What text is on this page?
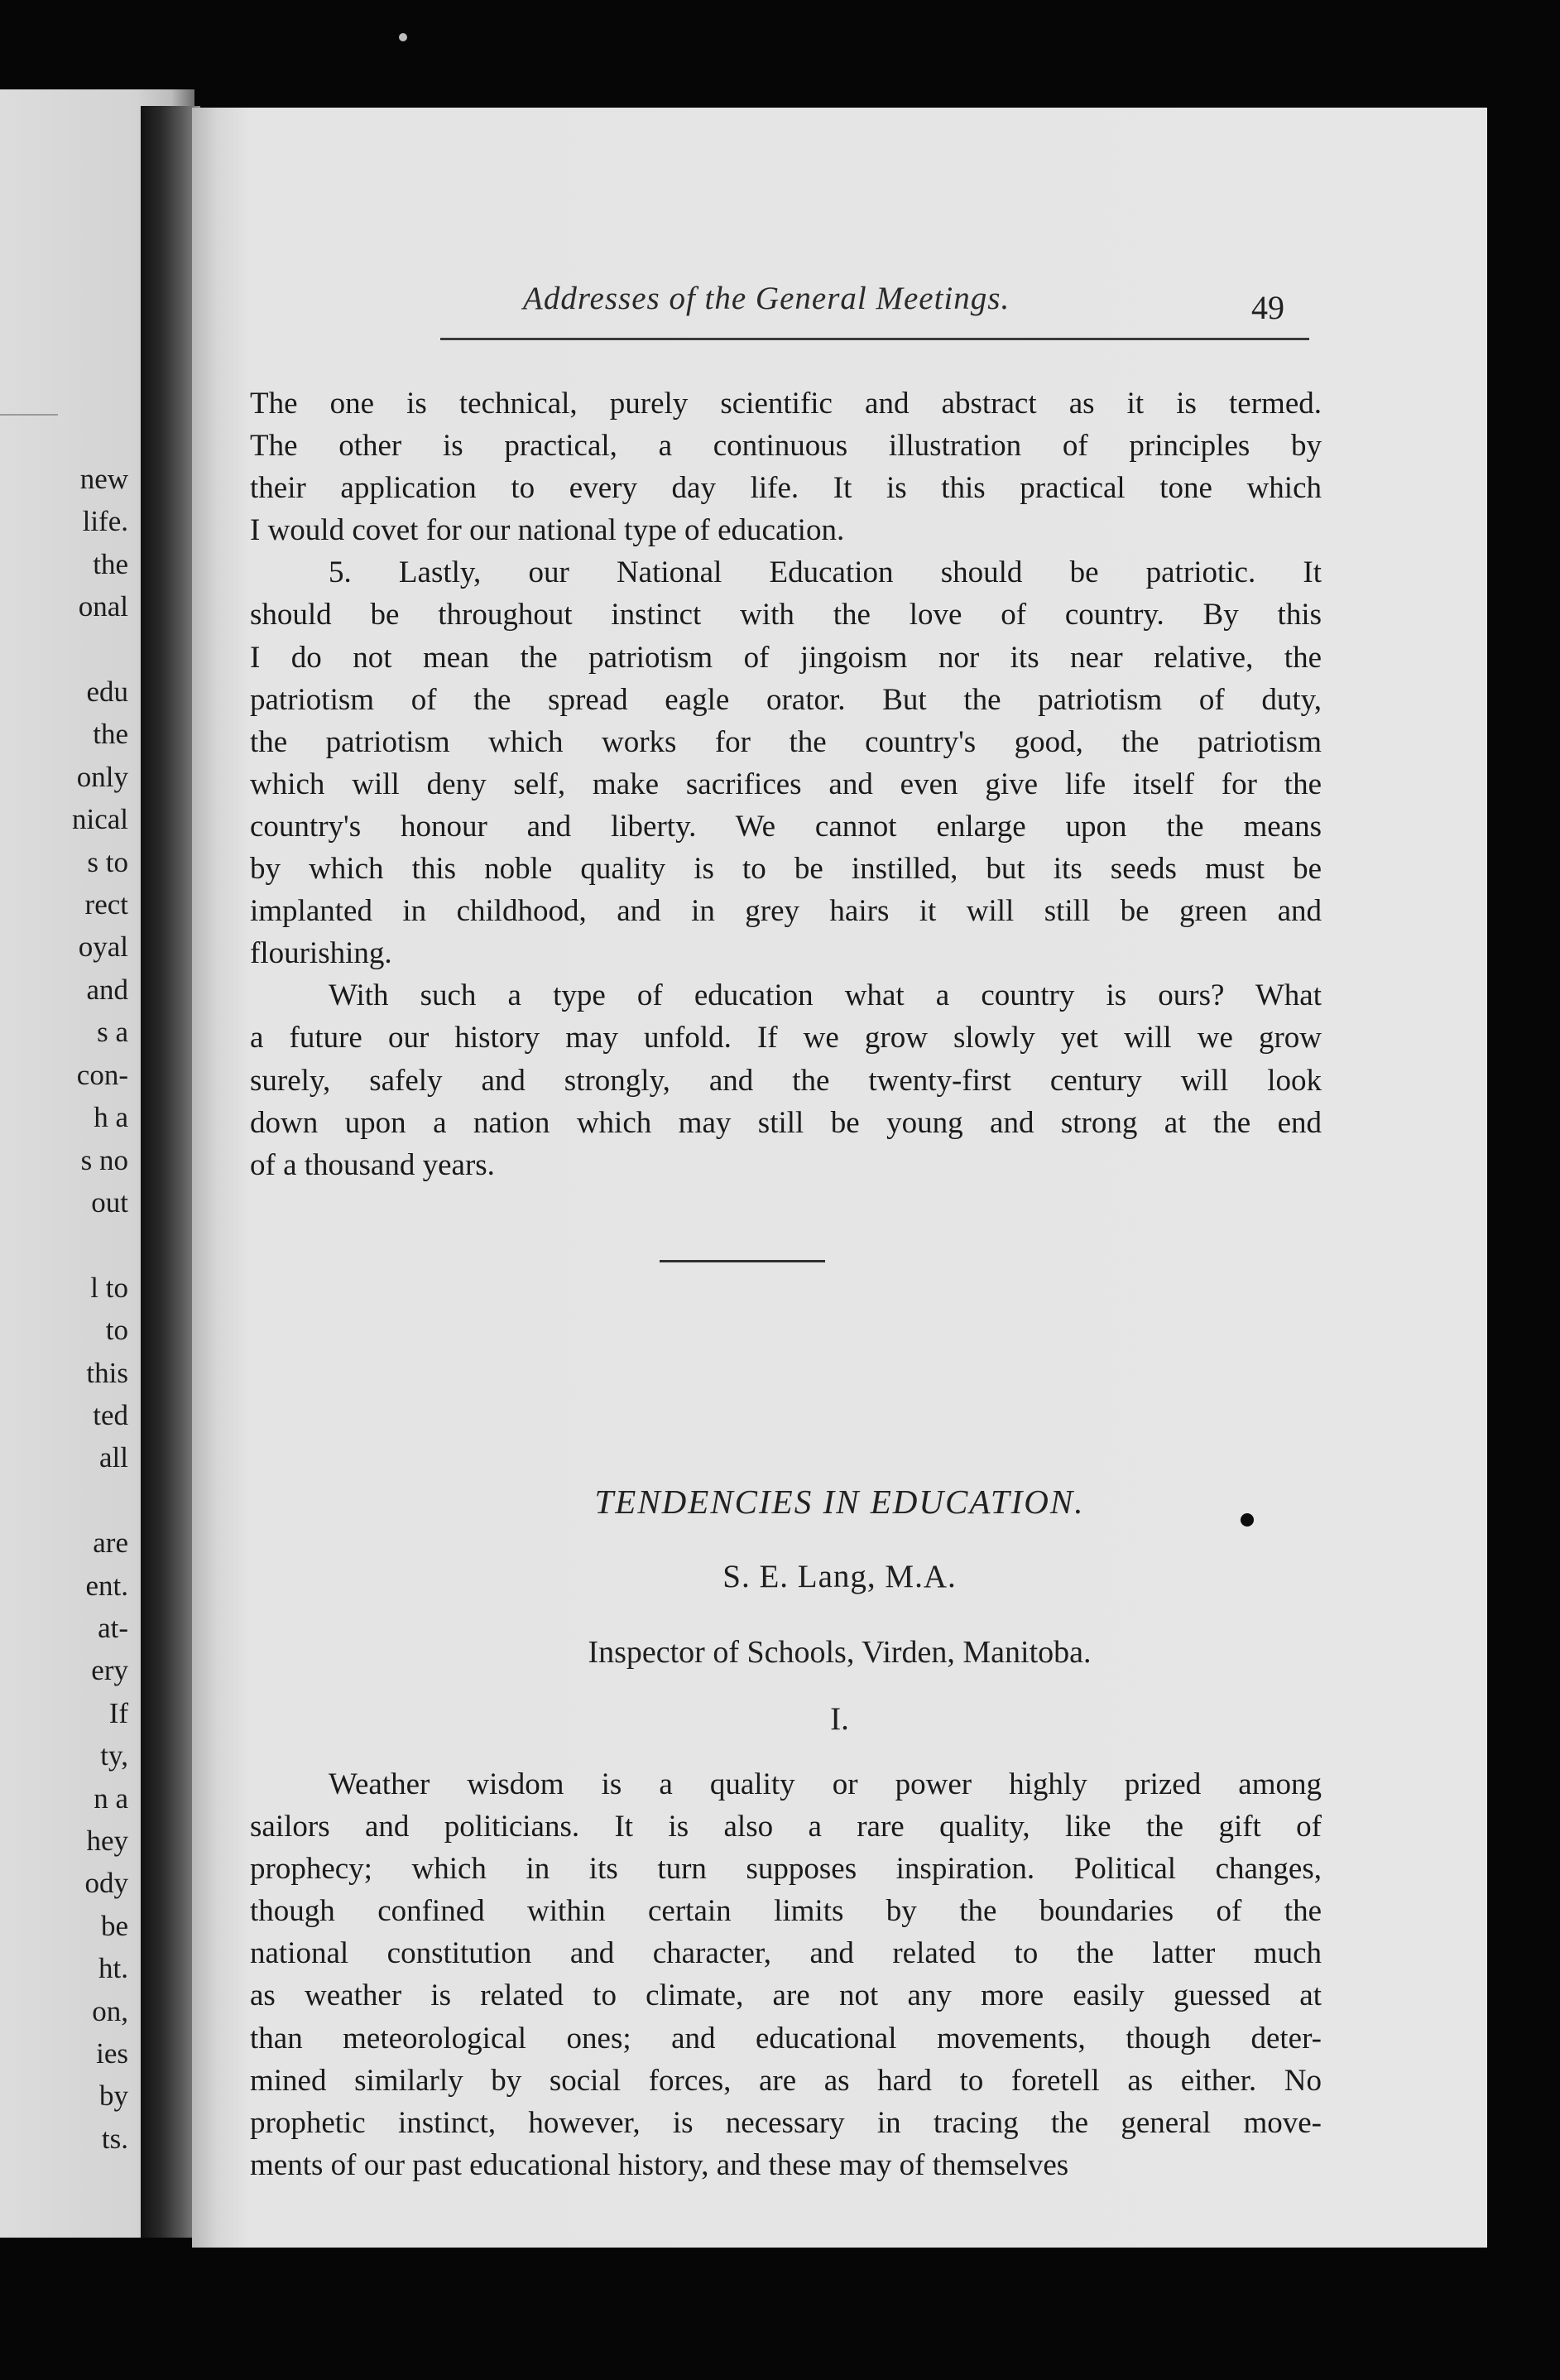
new
life.
the
onal

edu
the
only
nical
s to
rect
oyal
and
s a
con-
h a
s no
out

l to
to
this
ted
all

are
ent.
at-
ery
If
ty,
n a
hey
ody
be
ht.
on,
ies
by
ts.
Addresses of the General Meetings.	49
The one is technical, purely scientific and abstract as it is termed.
The other is practical, a continuous illustration of principles by
their application to every day life. It is this practical tone which
I would covet for our national type of education.
5. Lastly, our National Education should be patriotic. It
should be throughout instinct with the love of country. By this
I do not mean the patriotism of jingoism nor its near relative, the
patriotism of the spread eagle orator. But the patriotism of duty,
the patriotism which works for the country's good, the patriotism
which will deny self, make sacrifices and even give life itself for the
country's honour and liberty. We cannot enlarge upon the means
by which this noble quality is to be instilled, but its seeds must be
implanted in childhood, and in grey hairs it will still be green and
flourishing.
With such a type of education what a country is ours? What
a future our history may unfold. If we grow slowly yet will we grow
surely, safely and strongly, and the twenty-first century will look
down upon a nation which may still be young and strong at the end
of a thousand years.
TENDENCIES IN EDUCATION.
S. E. Lang, M.A.
Inspector of Schools, Virden, Manitoba.
I.
Weather wisdom is a quality or power highly prized among
sailors and politicians. It is also a rare quality, like the gift of
prophecy; which in its turn supposes inspiration. Political changes,
though confined within certain limits by the boundaries of the
national constitution and character, and related to the latter much
as weather is related to climate, are not any more easily guessed at
than meteorological ones; and educational movements, though deter-
mined similarly by social forces, are as hard to foretell as either. No
prophetic instinct, however, is necessary in tracing the general move-
ments of our past educational history, and these may of themselves
